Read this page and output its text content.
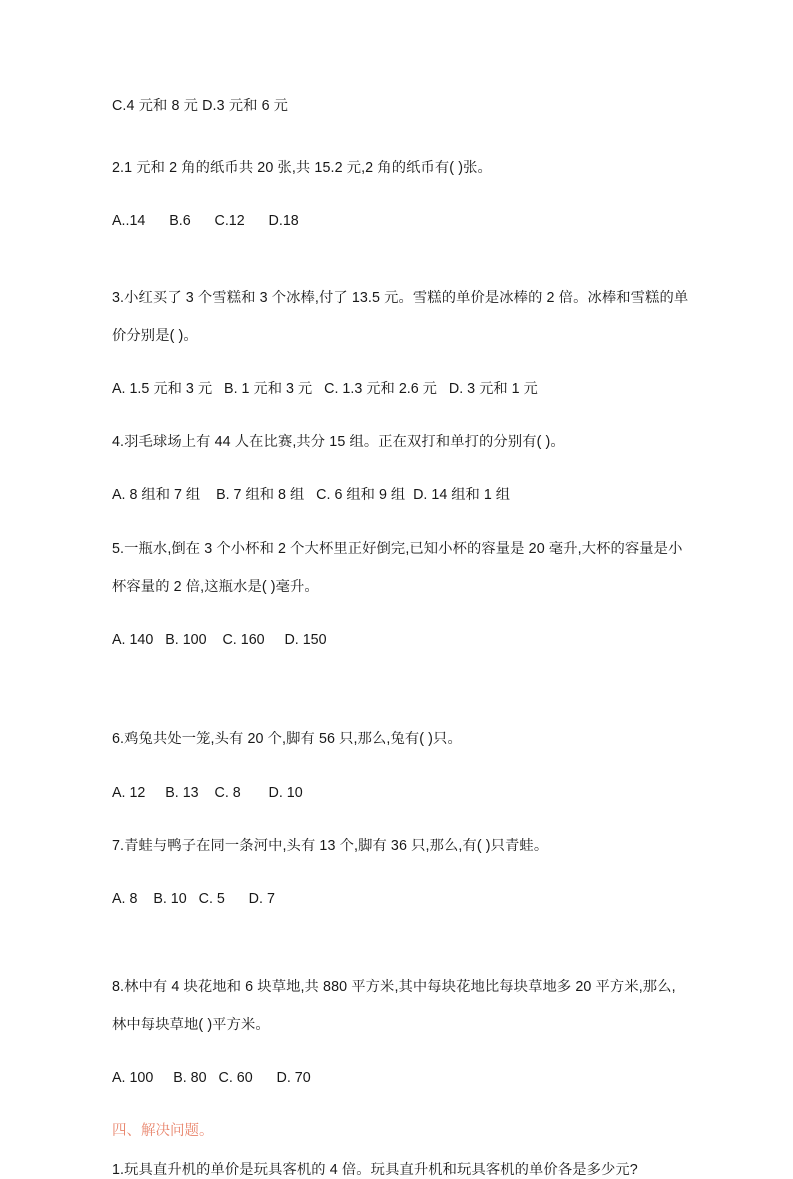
C.4 元和 8 元 D.3 元和 6 元

2.1 元和 2 角的纸币共 20 张,共 15.2 元,2 角的纸币有( )张。

A..14      B.6      C.12      D.18

3.小红买了 3 个雪糕和 3 个冰棒,付了 13.5 元。雪糕的单价是冰棒的 2 倍。冰棒和雪糕的单

价分别是( )。

A. 1.5 元和 3 元   B. 1 元和 3 元   C. 1.3 元和 2.6 元   D. 3 元和 1 元

4.羽毛球场上有 44 人在比赛,共分 15 组。正在双打和单打的分别有( )。

A. 8 组和 7 组    B. 7 组和 8 组   C. 6 组和 9 组  D. 14 组和 1 组

5.一瓶水,倒在 3 个小杯和 2 个大杯里正好倒完,已知小杯的容量是 20 毫升,大杯的容量是小

杯容量的 2 倍,这瓶水是( )毫升。

A. 140   B. 100    C. 160     D. 150

6.鸡兔共处一笼,头有 20 个,脚有 56 只,那么,兔有( )只。

A. 12     B. 13    C. 8       D. 10

7.青蛙与鸭子在同一条河中,头有 13 个,脚有 36 只,那么,有( )只青蛙。

A. 8    B. 10   C. 5      D. 7

8.林中有 4 块花地和 6 块草地,共 880 平方米,其中每块花地比每块草地多 20 平方米,那么,

林中每块草地( )平方米。

A. 100     B. 80   C. 60      D. 70

四、解决问题。

1.玩具直升机的单价是玩具客机的 4 倍。玩具直升机和玩具客机的单价各是多少元?
